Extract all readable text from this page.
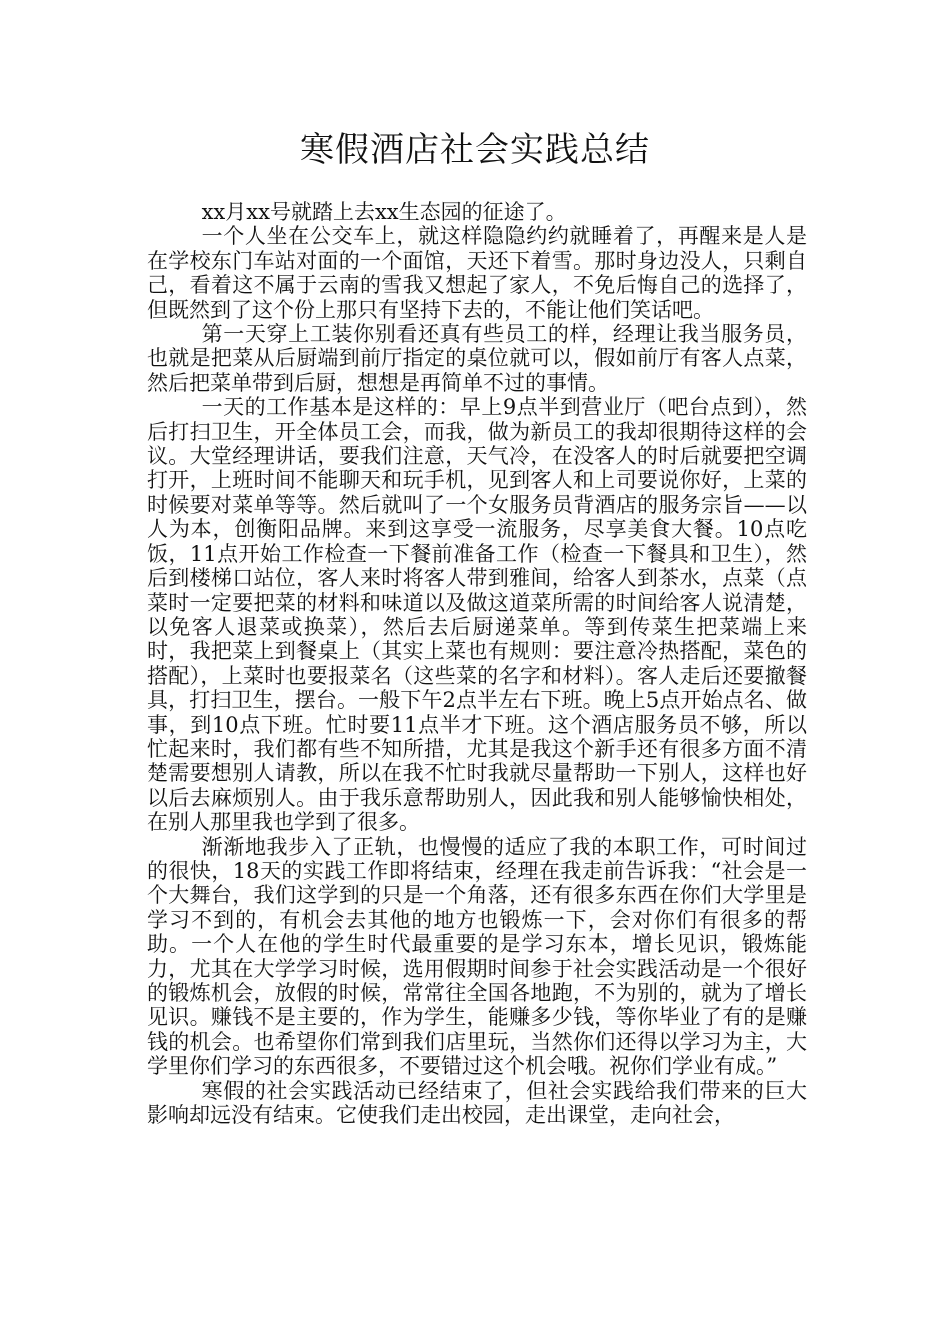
寒假酒店社会实践总结

xx月xx号就踏上去xx生态园的征途了。

一个人坐在公交车上，就这样隐隐约约就睡着了，再醒来是人是在学校东门车站对面的一个面馆，天还下着雪。那时身边没人，只剩自己，看着这不属于云南的雪我又想起了家人，不免后悔自己的选择了，但既然到了这个份上那只有坚持下去的，不能让他们笑话吧。

第一天穿上工装你别看还真有些员工的样，经理让我当服务员，也就是把菜从后厨端到前厅指定的桌位就可以，假如前厅有客人点菜，然后把菜单带到后厨，想想是再简单不过的事情。

一天的工作基本是这样的：早上9点半到营业厅（吧台点到），然后打扫卫生，开全体员工会，而我，做为新员工的我却很期待这样的会议。大堂经理讲话，要我们注意，天气冷，在没客人的时后就要把空调打开，上班时间不能聊天和玩手机，见到客人和上司要说你好，上菜的时候要对菜单等等。然后就叫了一个女服务员背酒店的服务宗旨——以人为本，创衡阳品牌。来到这享受一流服务，尽享美食大餐。10点吃饭，11点开始工作检查一下餐前准备工作（检查一下餐具和卫生），然后到楼梯口站位，客人来时将客人带到雅间，给客人到茶水，点菜（点菜时一定要把菜的材料和味道以及做这道菜所需的时间给客人说清楚，以免客人退菜或换菜），然后去后厨递菜单。等到传菜生把菜端上来时，我把菜上到餐桌上（其实上菜也有规则：要注意冷热搭配，菜色的搭配），上菜时也要报菜名（这些菜的名字和材料）。客人走后还要撤餐具，打扫卫生，摆台。一般下午2点半左右下班。晚上5点开始点名、做事，到10点下班。忙时要11点半才下班。这个酒店服务员不够，所以忙起来时，我们都有些不知所措，尤其是我这个新手还有很多方面不清楚需要想别人请教，所以在我不忙时我就尽量帮助一下别人，这样也好以后去麻烦别人。由于我乐意帮助别人，因此我和别人能够愉快相处，在别人那里我也学到了很多。

渐渐地我步入了正轨，也慢慢的适应了我的本职工作，可时间过的很快，18天的实践工作即将结束，经理在我走前告诉我：“社会是一个大舞台，我们这学到的只是一个角落，还有很多东西在你们大学里是学习不到的，有机会去其他的地方也锻炼一下，会对你们有很多的帮助。一个人在他的学生时代最重要的是学习东本，增长见识，锻炼能力，尤其在大学学习时候，选用假期时间参于社会实践活动是一个很好的锻炼机会，放假的时候，常常往全国各地跑，不为别的，就为了增长见识。赚钱不是主要的，作为学生，能赚多少钱，等你毕业了有的是赚钱的机会。也希望你们常到我们店里玩，当然你们还得以学习为主，大学里你们学习的东西很多，不要错过这个机会哦。祝你们学业有成。”

寒假的社会实践活动已经结束了，但社会实践给我们带来的巨大影响却远没有结束。它使我们走出校园，走出课堂，走向社会，
